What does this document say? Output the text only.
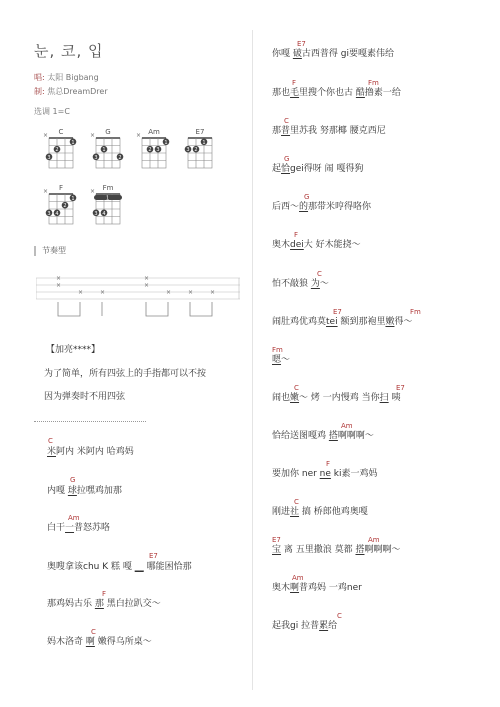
눈, 코, 입
唱: 太阳 Bigbang
制: 焦总DreamDrer
选调 1=C
C	G	Am	E7
F	Fm
×
1
2
3
×
1
3	2
×
1
2 3
1
2
3
×
1
2
3 4
×
1
3 4
节奏型
×
×
×	×
×
×
×	×	×
【加亮****】
为了简单，所有四弦上的手指都可以不按
因为弹奏时不用四弦
C
米阿内 米阿内 哈鸡妈
G
内嘎 球拉嘿鸡加那
Am
白干一普怒苏咯
E7
奥嗖拿该chu K 糕 嘎 __ 哪能困恰那
F
那鸡妈古乐 那 黑白拉趴交～
C
妈木洛奇 啊 嫩得乌所桌～
E7
你嘎 破古西普得 gi要嘎素伟给
F	Fm
那也毛里搜个你也古 酷撸素一给
C
那普里苏我 努那椰 腰克西尼
G
起恰gei得呀 闹 嘎得狗
G
后西～的那带米哼得咯你
F
奥木dei大 好木能挠～
C
怕不敲狼 为～
E7	Fm
闹肚鸡优鸡莫tei 额到那袍里嫩得～
Fm
嗯～
C	E7
闹也嫩～ 烤 一内慢鸡 当你扫 咦
Am
恰给送图嘎鸡 搭啊啊啊～
F
要加你 ner ne ki素一鸡妈
C
刚进社 搞 桥郎他鸡奥嘎
E7	Am
宝 离 五里撒浪 莫都 搭啊啊啊～
Am
奥木啊普鸡妈 一鸡ner
C
起我gi 拉普累给
